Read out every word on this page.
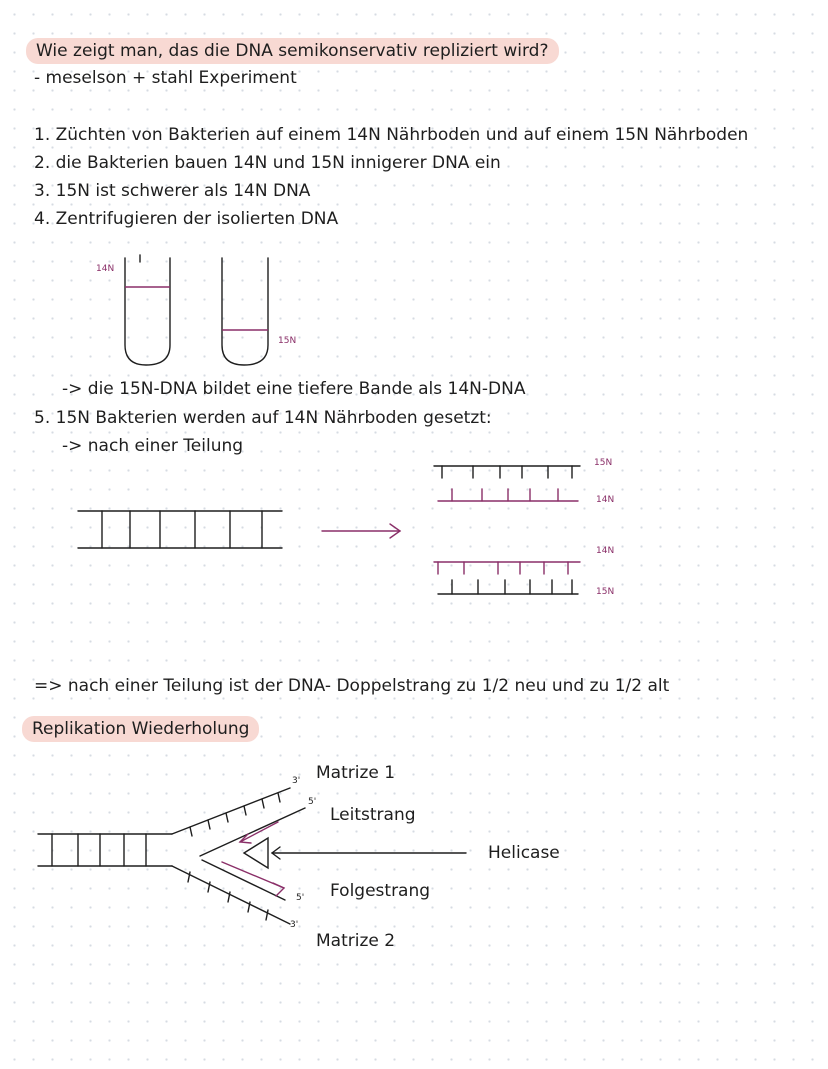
Wie zeigt man, das die DNA semikonservativ repliziert wird?
- meselson + stahl Experiment
1. Züchten von Bakterien auf einem 14N Nährboden und auf einem 15N Nährboden
2. die Bakterien bauen 14N und 15N innigerer DNA ein
3. 15N ist schwerer als 14N DNA
4. Zentrifugieren der isolierten DNA
14N
15N
-> die 15N-DNA bildet eine tiefere Bande als 14N-DNA
5. 15N Bakterien werden auf 14N Nährboden gesetzt:
-> nach einer Teilung
15N
14N
14N
15N
=> nach einer Teilung ist der DNA- Doppelstrang zu 1/2 neu und zu 1/2 alt
Replikation Wiederholung
Matrize 1
Leitstrang
Helicase
Folgestrang
Matrize 2
3'
5'
5'
3'
